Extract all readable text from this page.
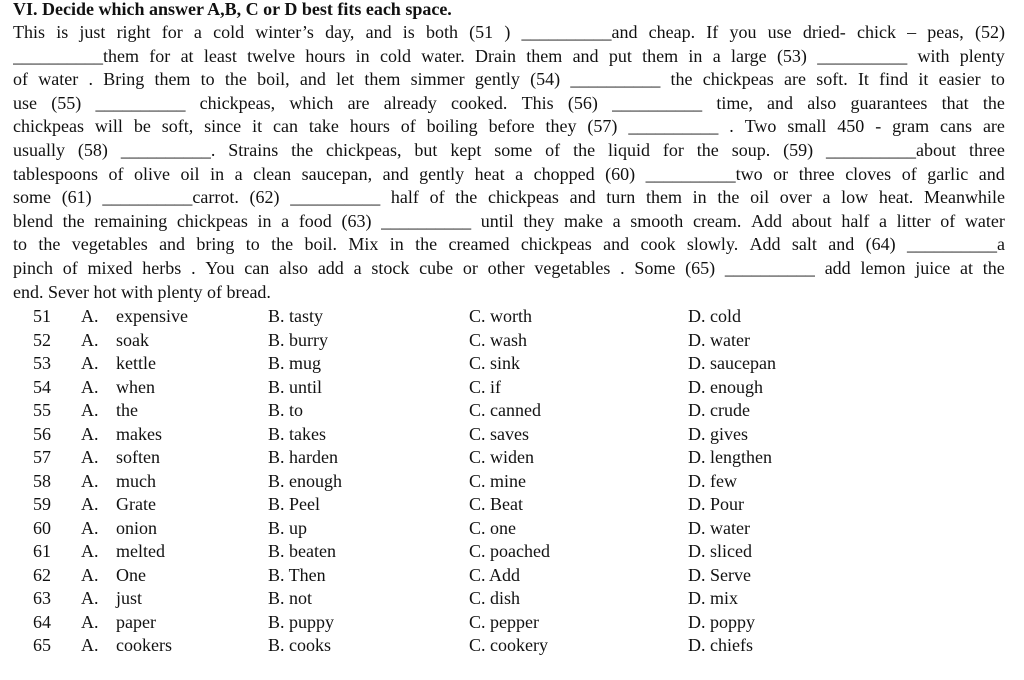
VI. Decide which answer A,B, C or D best fits each space.
This is just right for a cold winter’s day, and is both (51 ) __________and cheap. If you use dried- chick – peas, (52)
__________them for at least twelve hours in cold water. Drain them and put them in a large (53) __________ with plenty
of water . Bring them to the boil, and let them simmer gently (54) __________ the chickpeas are soft. It find it easier to
use (55) __________ chickpeas, which are already cooked. This (56) __________ time, and also guarantees that the
chickpeas will be soft, since it can take hours of boiling before they (57) __________ . Two small 450 - gram cans are
usually (58) __________. Strains the chickpeas, but kept some of the liquid for the soup. (59) __________about three
tablespoons of olive oil in a clean saucepan, and gently heat a chopped (60) __________two or three cloves of garlic and
some (61) __________carrot. (62) __________ half of the chickpeas and turn them in the oil over a low heat. Meanwhile
blend the remaining chickpeas in a food (63) __________ until they make a smooth cream. Add about half a litter of water
to the vegetables and bring to the boil. Mix in the creamed chickpeas and cook slowly. Add salt and (64) __________a
pinch of mixed herbs . You can also add a stock cube or other vegetables . Some (65) __________ add lemon juice at the
end. Sever hot with plenty of bread.
51 A. expensive	B. tasty	C. worth	D. cold
52 A. soak	B. burry	C. wash	D. water
53 A. kettle	B. mug	C. sink	D. saucepan
54 A. when	B. until	C. if	D. enough
55 A. the	B. to	C. canned	D. crude
56 A. makes	B. takes	C. saves	D. gives
57 A. soften	B. harden	C. widen	D. lengthen
58 A. much	B. enough	C. mine	D. few
59 A. Grate	B. Peel	C. Beat	D. Pour
60 A. onion	B. up	C. one	D. water
61 A. melted	B. beaten	C. poached	D. sliced
62 A. One	B. Then	C. Add	D. Serve
63 A. just	B. not	C. dish	D. mix
64 A. paper	B. puppy	C. pepper	D. poppy
65 A. cookers	B. cooks	C. cookery	D. chiefs
